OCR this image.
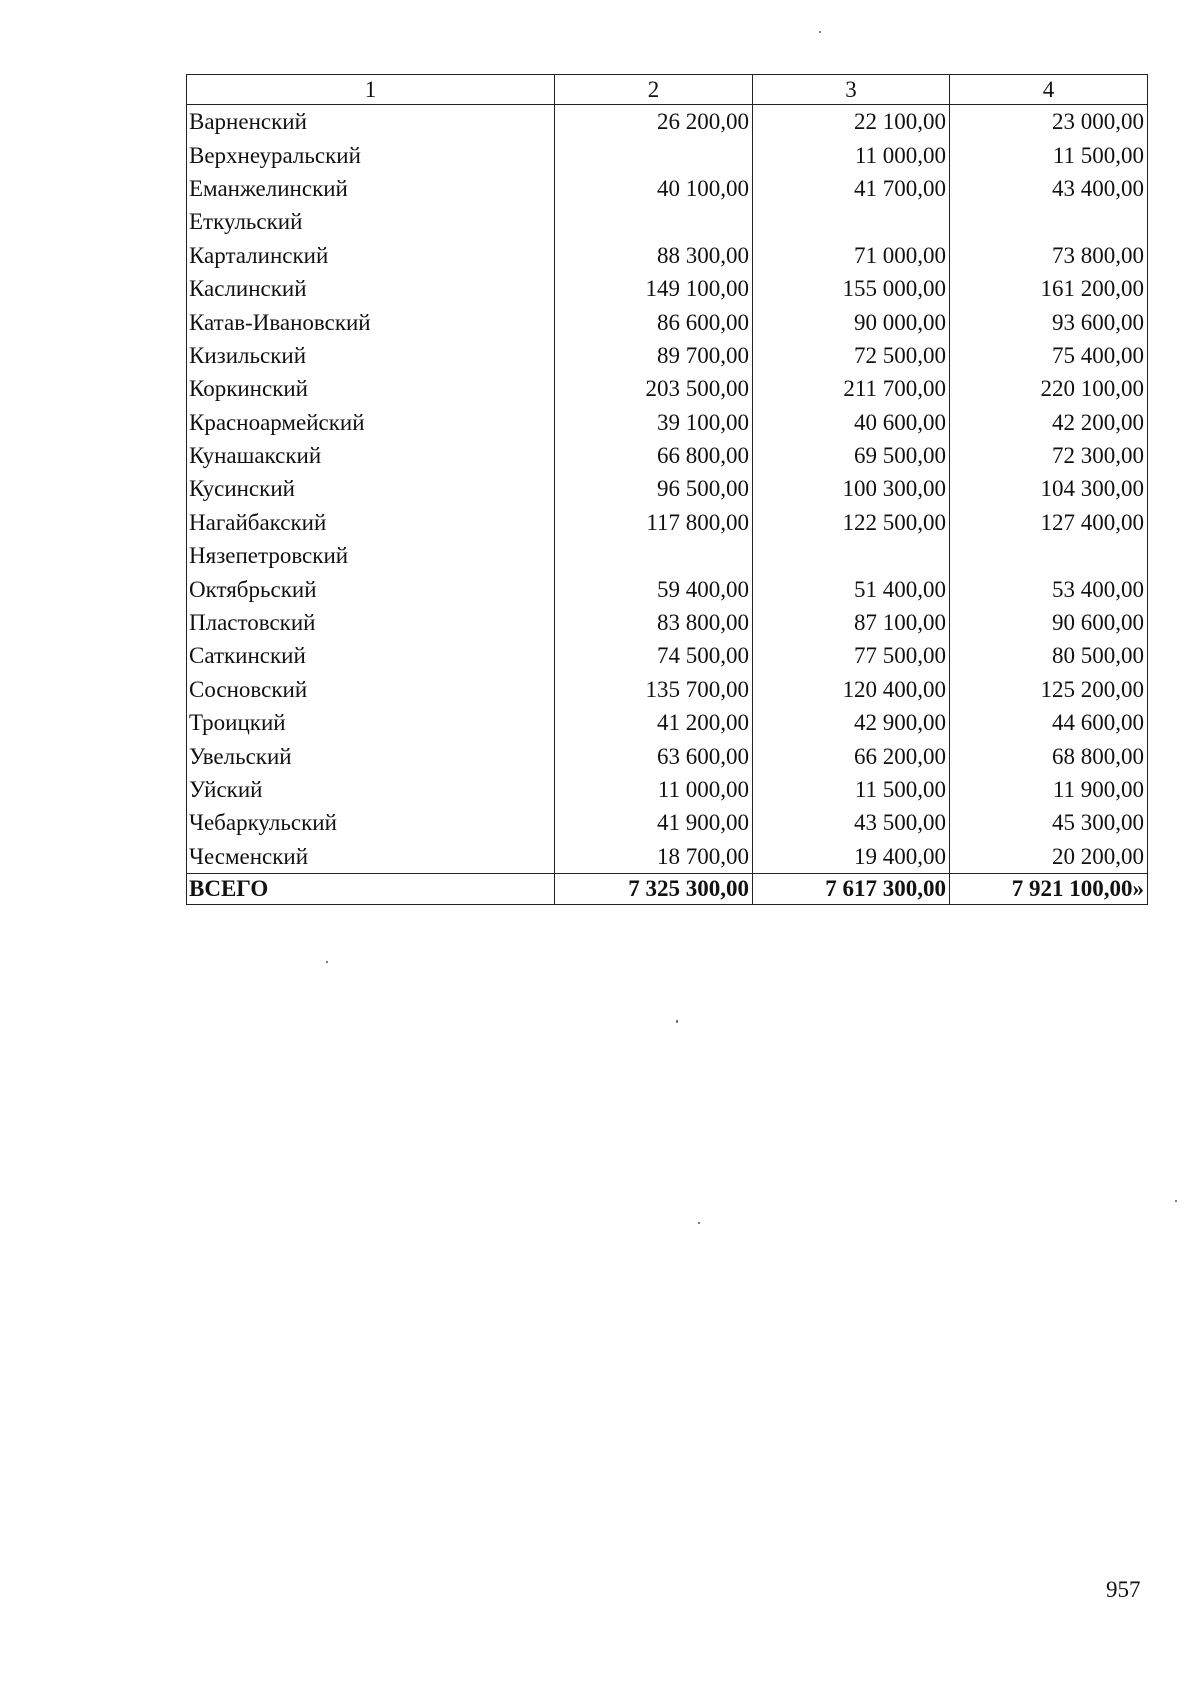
1	2	3	4
Варненский	26 200,00	22 100,00	23 000,00
Верхнеуральский		11 000,00	11 500,00
Еманжелинский	40 100,00	41 700,00	43 400,00
Еткульский			
Карталинский	88 300,00	71 000,00	73 800,00
Каслинский	149 100,00	155 000,00	161 200,00
Катав-Ивановский	86 600,00	90 000,00	93 600,00
Кизильский	89 700,00	72 500,00	75 400,00
Коркинский	203 500,00	211 700,00	220 100,00
Красноармейский	39 100,00	40 600,00	42 200,00
Кунашакский	66 800,00	69 500,00	72 300,00
Кусинский	96 500,00	100 300,00	104 300,00
Нагайбакский	117 800,00	122 500,00	127 400,00
Нязепетровский			
Октябрьский	59 400,00	51 400,00	53 400,00
Пластовский	83 800,00	87 100,00	90 600,00
Саткинский	74 500,00	77 500,00	80 500,00
Сосновский	135 700,00	120 400,00	125 200,00
Троицкий	41 200,00	42 900,00	44 600,00
Увельский	63 600,00	66 200,00	68 800,00
Уйский	11 000,00	11 500,00	11 900,00
Чебаркульский	41 900,00	43 500,00	45 300,00
Чесменский	18 700,00	19 400,00	20 200,00
ВСЕГО	7 325 300,00	7 617 300,00	7 921 100,00»
957
